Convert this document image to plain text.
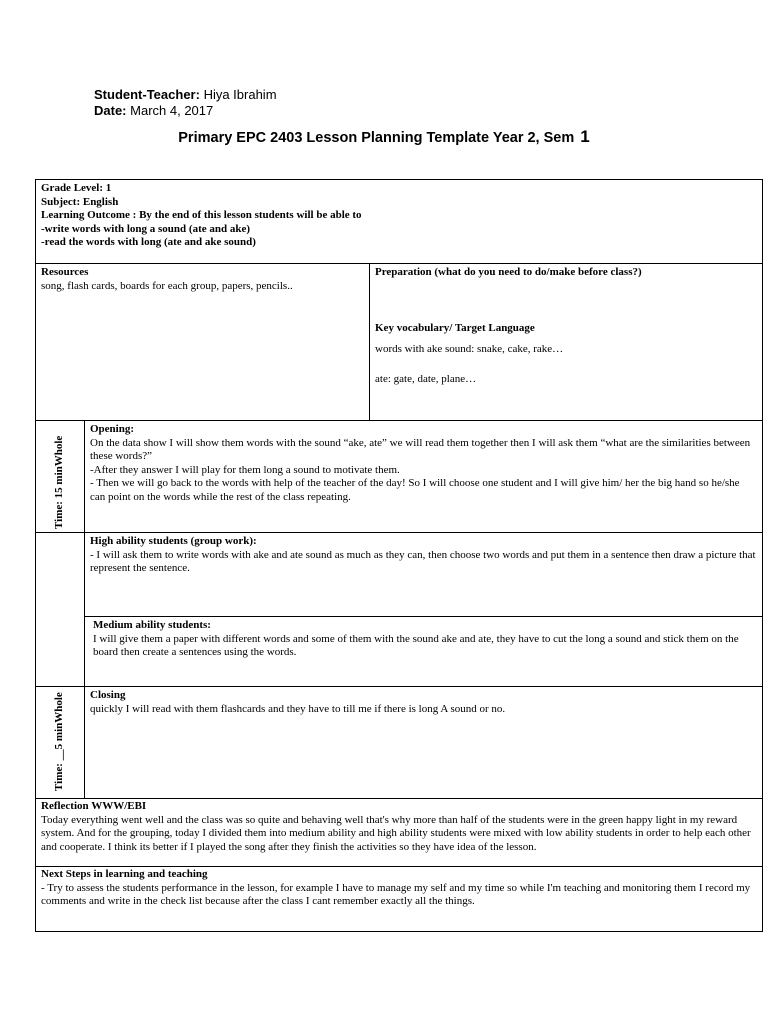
Student-Teacher: Hiya Ibrahim
Date: March 4, 2017
Primary EPC 2403 Lesson Planning Template Year 2, Sem 1

Grade Level: 1

Subject: English

Learning Outcome : By the end of this lesson students will be able to

-write words with long a sound (ate and ake)

-read the words with long (ate and ake sound)

Resources

song, flash cards, boards for each group, papers, pencils..

Preparation (what do you need to do/make before class?)

Key vocabulary/ Target Language

words with ake sound: snake, cake, rake…

ate: gate, date, plane…

Time: 15 minWhole

Opening:

On the data show I will show them words with the sound “ake, ate” we will read them together then I will ask them “what are the similarities between these words?”

-After they answer I will play for them long a sound to motivate them.

- Then we will go back to the words with help of the teacher of the day! So I will choose one student and I will give him/ her the big hand so he/she can point on the words while the rest of the class repeating.

High ability students (group work):

- I will ask them to write words with ake and ate sound as much as they can, then choose two words and put them in a sentence then draw a picture that represent the sentence.

Medium ability students:

I will give them a paper with different words and some of them with the sound ake and ate, they have to cut the long a sound and stick them on the board then create a sentences using the words.

Time: __5 minWhole Closing

quickly I will read with them flashcards and they have to till me if there is long A sound or no.

Reflection WWW/EBI

Today everything went well and the class was so quite and behaving well that's why more than half of the students were in the green happy light in my reward system. And for the grouping, today I divided them into medium ability and high ability students were mixed with low ability students in order to help each other and cooperate. I think its better if I played the song after they finish the activities so they have idea of the lesson.

Next Steps in learning and teaching

- Try to assess the students performance in the lesson, for example I have to manage my self and my time so while I'm teaching and monitoring them I record my comments and write in the check list because after the class I cant remember exactly all the things.
